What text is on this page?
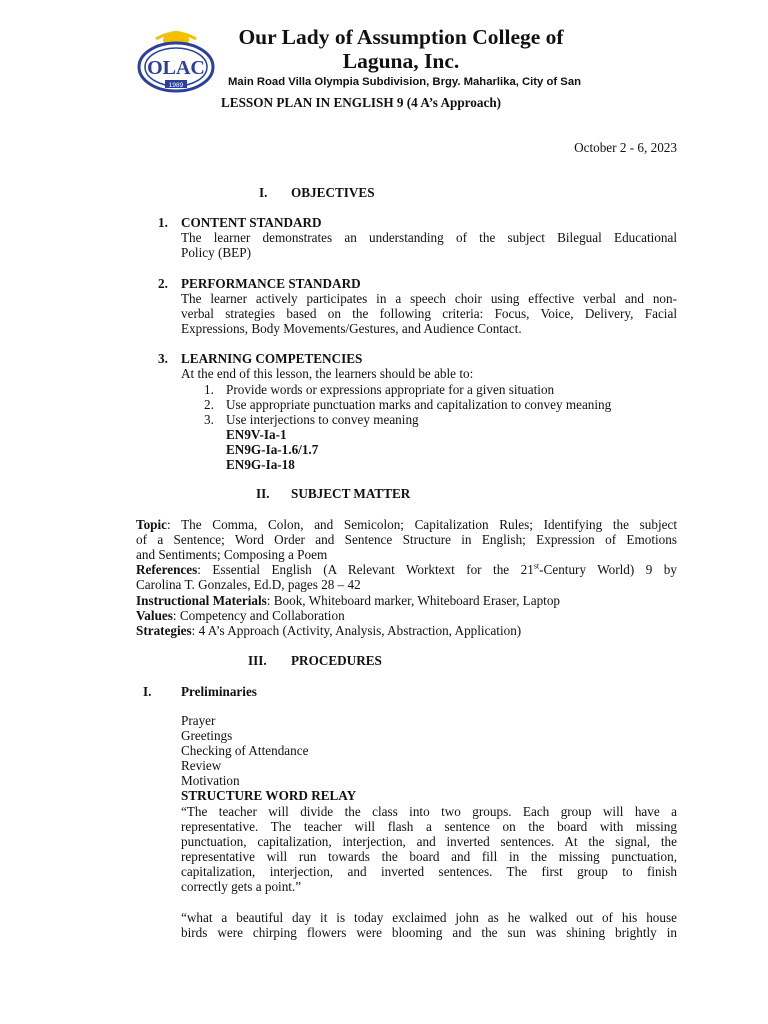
OLAC
1989
Our Lady of Assumption College of
Laguna, Inc.
Main Road Villa Olympia Subdivision, Brgy. Maharlika, City of San
LESSON PLAN IN ENGLISH 9 (4 A’s Approach)
October 2 - 6, 2023
I. OBJECTIVES
1. CONTENT STANDARD
The learner demonstrates an understanding of the subject Bilegual Educational
Policy (BEP)
2. PERFORMANCE STANDARD
The learner actively participates in a speech choir using effective verbal and non-
verbal strategies based on the following criteria: Focus, Voice, Delivery, Facial
Expressions, Body Movements/Gestures, and Audience Contact.
3. LEARNING COMPETENCIES
At the end of this lesson, the learners should be able to:
1. Provide words or expressions appropriate for a given situation
2. Use appropriate punctuation marks and capitalization to convey meaning
3. Use interjections to convey meaning
EN9V-Ia-1
EN9G-Ia-1.6/1.7
EN9G-Ia-18
II. SUBJECT MATTER
Topic: The Comma, Colon, and Semicolon; Capitalization Rules; Identifying the subject
of a Sentence; Word Order and Sentence Structure in English; Expression of Emotions
and Sentiments; Composing a Poem
References: Essential English (A Relevant Worktext for the 21st-Century World) 9 by
Carolina T. Gonzales, Ed.D, pages 28 – 42
Instructional Materials: Book, Whiteboard marker, Whiteboard Eraser, Laptop
Values: Competency and Collaboration
Strategies: 4 A’s Approach (Activity, Analysis, Abstraction, Application)
III. PROCEDURES
I. Preliminaries
Prayer
Greetings
Checking of Attendance
Review
Motivation
STRUCTURE WORD RELAY
“The teacher will divide the class into two groups. Each group will have a
representative. The teacher will flash a sentence on the board with missing
punctuation, capitalization, interjection, and inverted sentences. At the signal, the
representative will run towards the board and fill in the missing punctuation,
capitalization, interjection, and inverted sentences. The first group to finish
correctly gets a point.”
“what a beautiful day it is today exclaimed john as he walked out of his house
birds were chirping flowers were blooming and the sun was shining brightly in
